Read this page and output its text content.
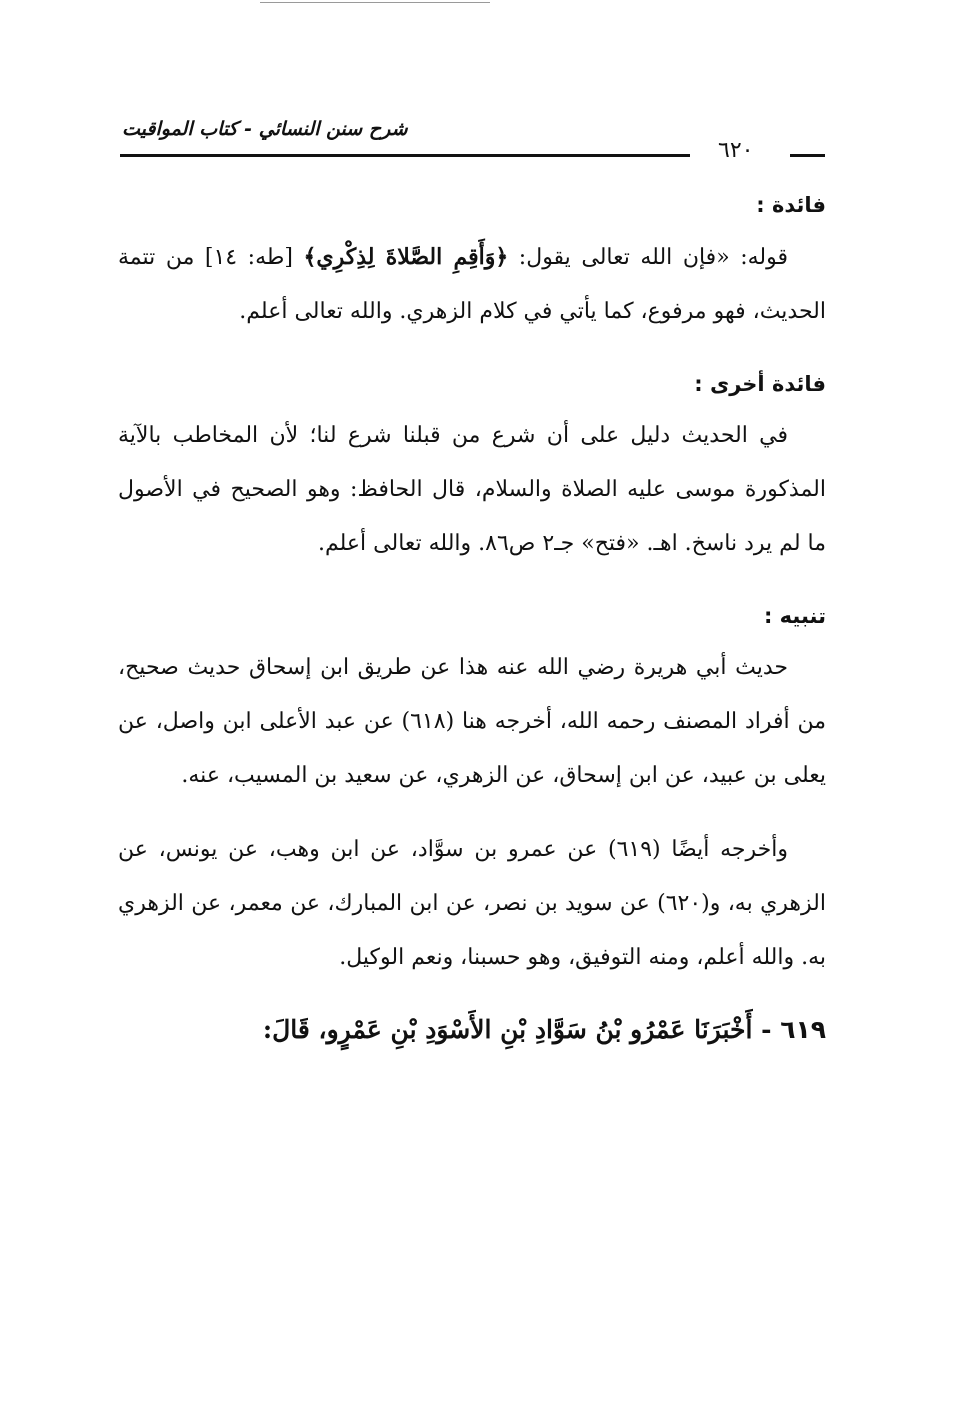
شرح سنن النسائي - كتاب المواقيت
٦٢٠

فائدة :

قوله: «فإن الله تعالى يقول: ﴿وَأَقِمِ الصَّلاةَ لِذِكْرِي﴾ [طه: ١٤] من تتمة الحديث، فهو مرفوع، كما يأتي في كلام الزهري. والله تعالى أعلم.

فائدة أخرى :

في الحديث دليل على أن شرع من قبلنا شرع لنا؛ لأن المخاطب بالآية المذكورة موسى عليه الصلاة والسلام، قال الحافظ: وهو الصحيح في الأصول ما لم يرد ناسخ. اهـ. «فتح» جـ٢ ص٨٦. والله تعالى أعلم.

تنبيه :

حديث أبي هريرة رضي الله عنه هذا عن طريق ابن إسحاق حديث صحيح، من أفراد المصنف رحمه الله، أخرجه هنا (٦١٨) عن عبد الأعلى ابن واصل، عن يعلى بن عبيد، عن ابن إسحاق، عن الزهري، عن سعيد بن المسيب، عنه.

وأخرجه أيضًا (٦١٩) عن عمرو بن سوَّاد، عن ابن وهب، عن يونس، عن الزهري به، و(٦٢٠) عن سويد بن نصر، عن ابن المبارك، عن معمر، عن الزهري به. والله أعلم، ومنه التوفيق، وهو حسبنا، ونعم الوكيل.

٦١٩ - أَخْبَرَنَا عَمْرُو بْنُ سَوَّادِ بْنِ الأَسْوَدِ بْنِ عَمْرٍو، قَالَ:
